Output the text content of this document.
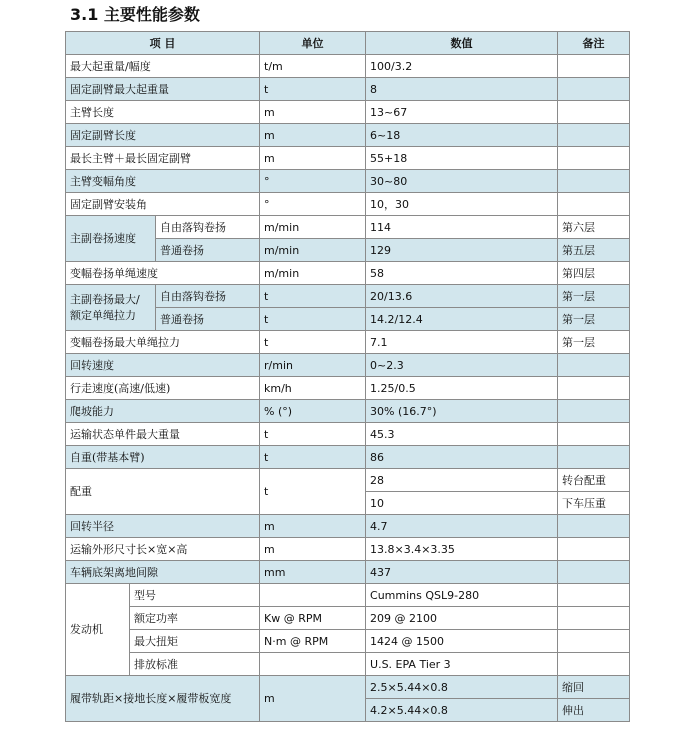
3.1 主要性能参数
项 目			单位	数值	备注
最大起重量/幅度			t/m	100/3.2	
固定副臂最大起重量			t	8	
主臂长度			m	13~67	
固定副臂长度			m	6~18	
最长主臂＋最长固定副臂			m	55+18	
主臂变幅角度			°	30~80	
固定副臂安装角			°	10，30	
主副卷扬速度		自由落钩卷扬	m/min	114	第六层
		普通卷扬	m/min	129	第五层
变幅卷扬单绳速度			m/min	58	第四层
主副卷扬最大/
额定单绳拉力		自由落钩卷扬	t	20/13.6	第一层
		普通卷扬	t	14.2/12.4	第一层
变幅卷扬最大单绳拉力			t	7.1	第一层
回转速度			r/min	0~2.3	
行走速度(高速/低速)			km/h	1.25/0.5	
爬坡能力			% (°)	30% (16.7°)	
运输状态单件最大重量			t	45.3	
自重(带基本臂)			t	86	
配重			t	28	转台配重
				10	下车压重
回转半径			m	4.7	
运输外形尺寸长×宽×高			m	13.8×3.4×3.35	
车辆底架离地间隙			mm	437	
发动机	型号			Cummins QSL9-280	
	额定功率		Kw @ RPM	209 @ 2100	
	最大扭矩		N·m @ RPM	1424 @ 1500	
	排放标准			U.S. EPA Tier 3	
履带轨距×接地长度×履带板宽度			m	2.5×5.44×0.8	缩回
				4.2×5.44×0.8	伸出
